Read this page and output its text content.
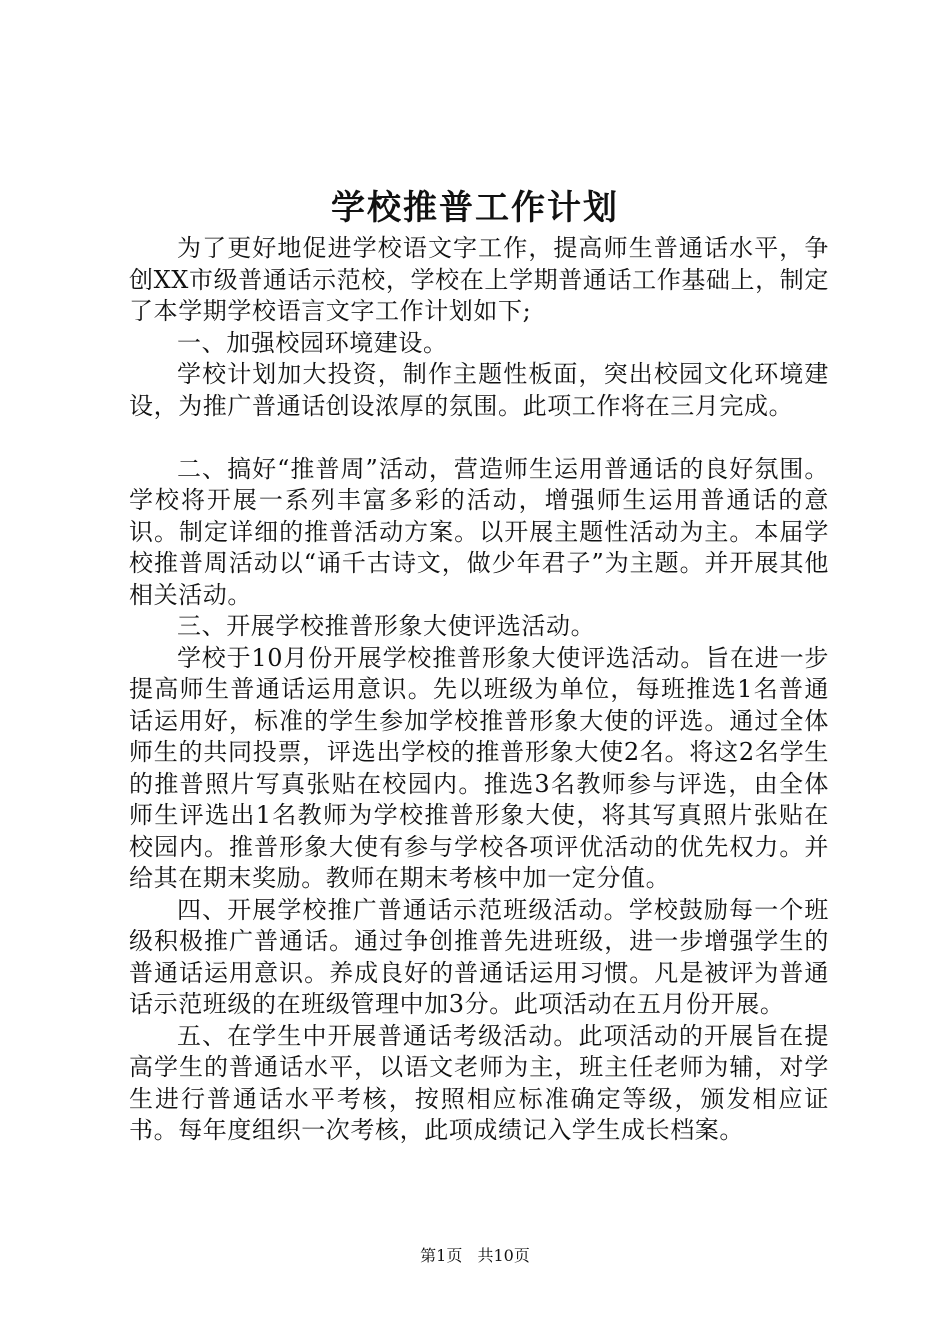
学校推普工作计划

为了更好地促进学校语文字工作，提高师生普通话水平，争创XX市级普通话示范校，学校在上学期普通话工作基础上，制定了本学期学校语言文字工作计划如下;

一、加强校园环境建设。

学校计划加大投资，制作主题性板面，突出校园文化环境建设，为推广普通话创设浓厚的氛围。此项工作将在三月完成。

二、搞好“推普周”活动，营造师生运用普通话的良好氛围。学校将开展一系列丰富多彩的活动，增强师生运用普通话的意识。制定详细的推普活动方案。以开展主题性活动为主。本届学校推普周活动以“诵千古诗文，做少年君子”为主题。并开展其他相关活动。

三、开展学校推普形象大使评选活动。

学校于10月份开展学校推普形象大使评选活动。旨在进一步提高师生普通话运用意识。先以班级为单位，每班推选1名普通话运用好，标准的学生参加学校推普形象大使的评选。通过全体师生的共同投票，评选出学校的推普形象大使2名。将这2名学生的推普照片写真张贴在校园内。推选3名教师参与评选，由全体师生评选出1名教师为学校推普形象大使，将其写真照片张贴在校园内。推普形象大使有参与学校各项评优活动的优先权力。并给其在期末奖励。教师在期末考核中加一定分值。

四、开展学校推广普通话示范班级活动。学校鼓励每一个班级积极推广普通话。通过争创推普先进班级，进一步增强学生的普通话运用意识。养成良好的普通话运用习惯。凡是被评为普通话示范班级的在班级管理中加3分。此项活动在五月份开展。

五、在学生中开展普通话考级活动。此项活动的开展旨在提高学生的普通话水平，以语文老师为主，班主任老师为辅，对学生进行普通话水平考核，按照相应标准确定等级，颁发相应证书。每年度组织一次考核，此项成绩记入学生成长档案。

第1页 共10页
